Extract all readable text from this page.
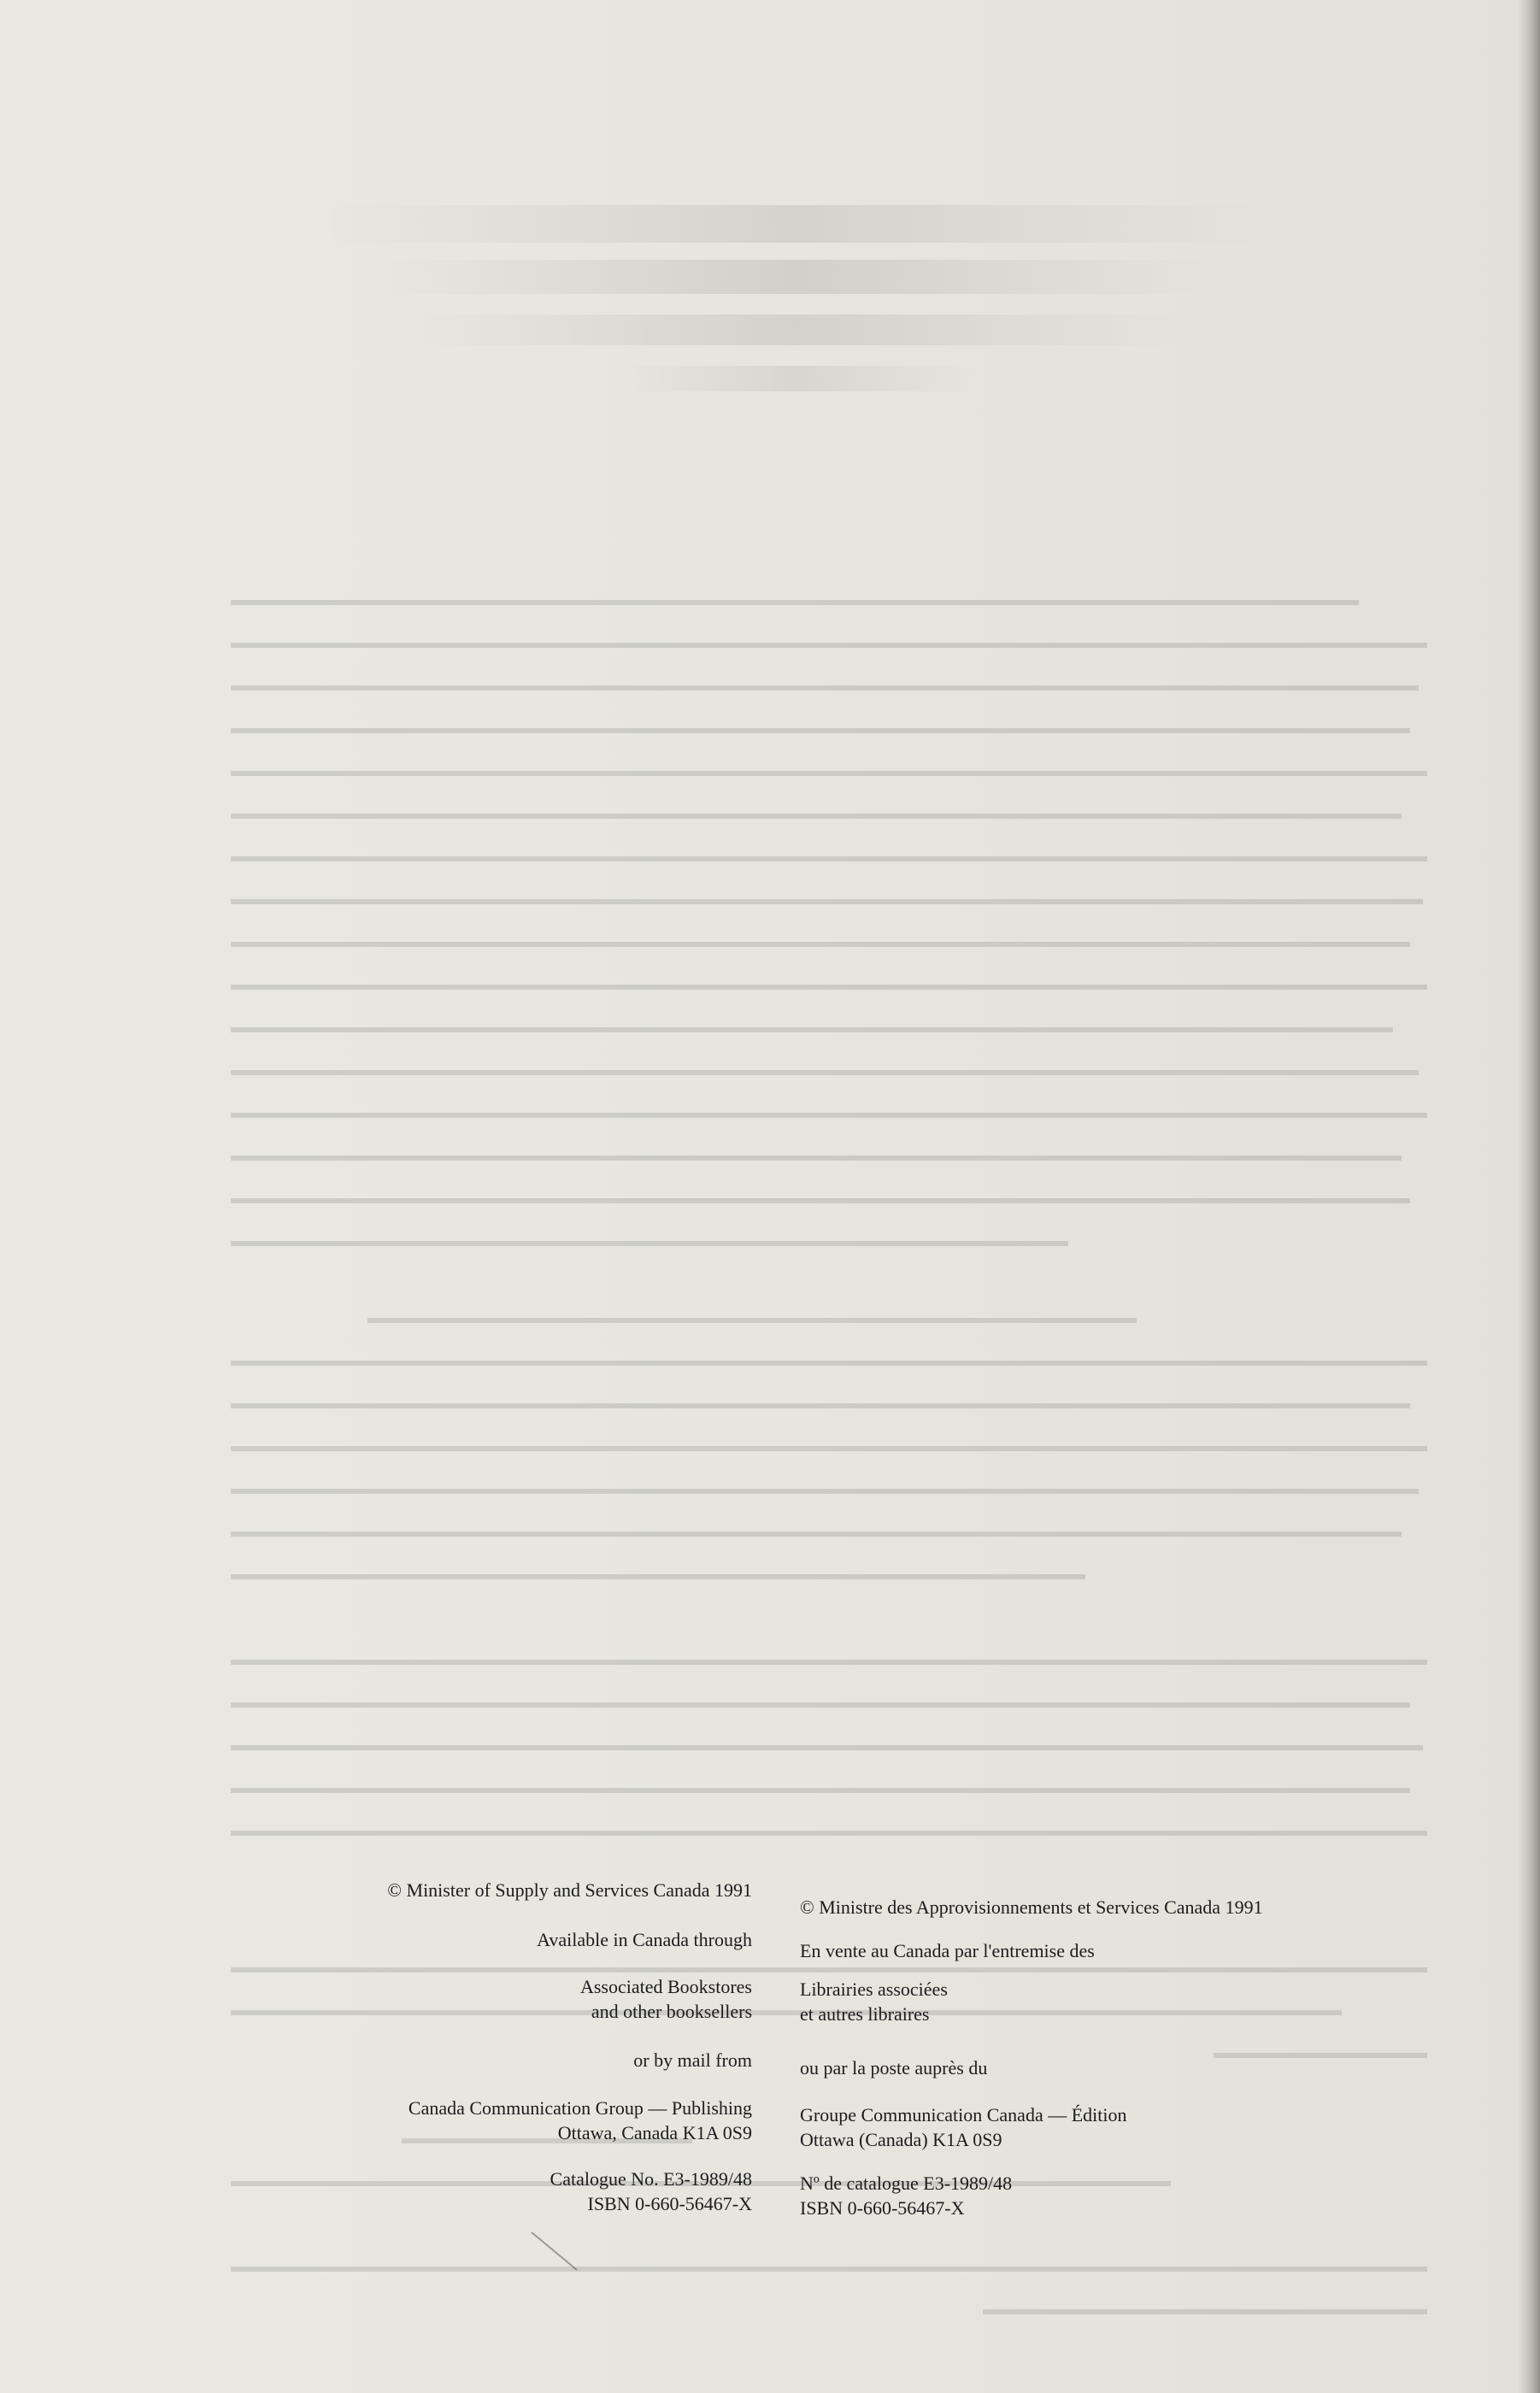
© Minister of Supply and Services Canada 1991
Available in Canada through
Associated Bookstores
and other booksellers
or by mail from
Canada Communication Group — Publishing
Ottawa, Canada K1A 0S9
Catalogue No. E3-1989/48
ISBN 0-660-56467-X
© Ministre des Approvisionnements et Services Canada 1991
En vente au Canada par l'entremise des
Librairies associées
et autres libraires
ou par la poste auprès du
Groupe Communication Canada — Édition
Ottawa (Canada) K1A 0S9
Nº de catalogue E3-1989/48
ISBN 0-660-56467-X
